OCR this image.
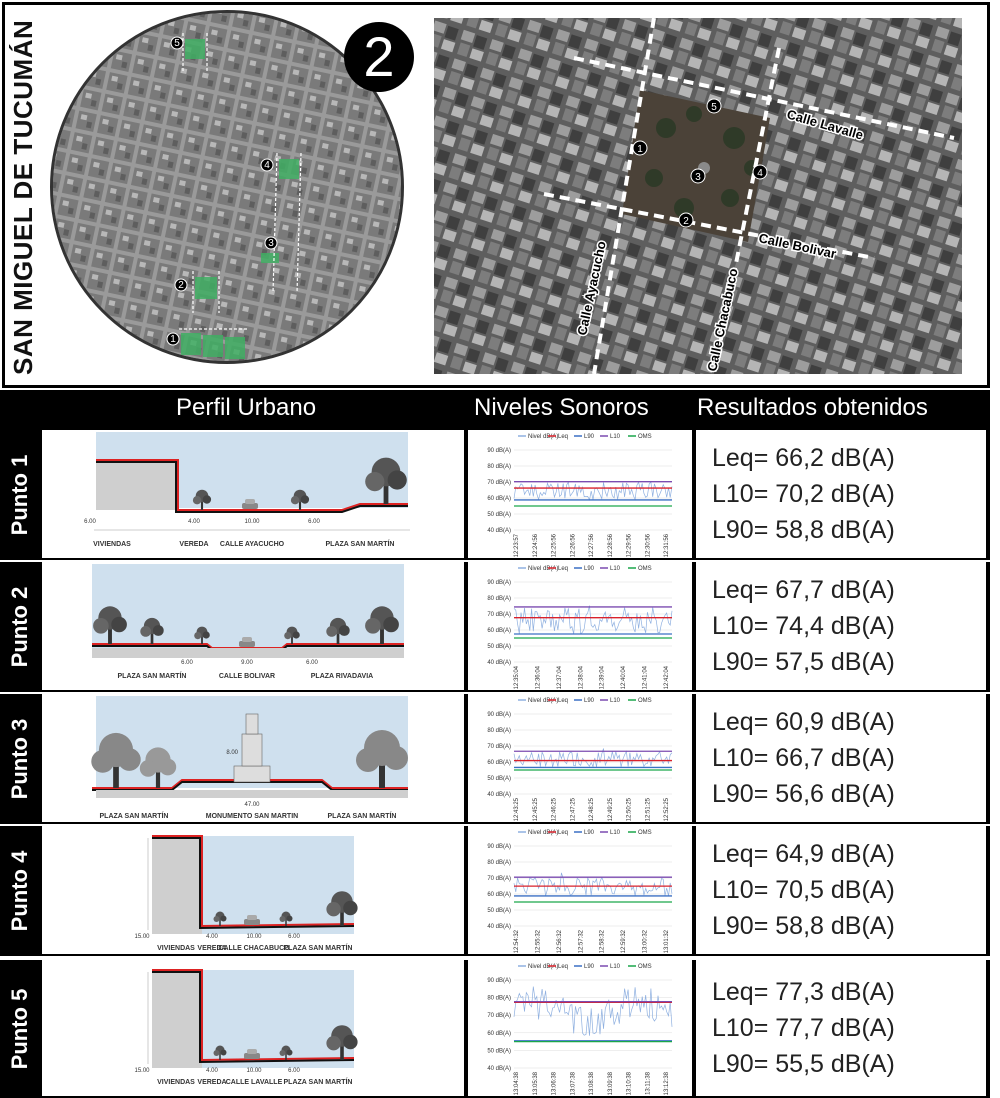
SAN MIGUEL DE TUCUMÁN	5
4
3
2
1
2
5
1
3	4
2
Calle Lavalle
Calle Bolivar
Calle Ayacucho	Calle Chacabuco
Perfil Urbano	Niveles Sonoros Resultados obtenidos
Punto 1
VIVIENDAS	VEREDA CALLE AYACUCHO	PLAZA SAN MARTÍN
6.00	4.00	10.00	6.00
Nivel dB(A) Leq	L90	L10	OMS
90 dB(A)
80 dB(A)
70 dB(A)
60 dB(A)
50 dB(A)
40 dB(A)
12:23:57 12:24:56 12:25:56 12:26:56 12:27:56 12:28:56 12:29:56 12:30:56 12:31:56
Leq= 66,2 dB(A)
L10= 70,2 dB(A)
L90= 58,8 dB(A)
Punto 2
PLAZA SAN MARTÍN	CALLE BOLIVAR	PLAZA RIVADAVIA
6.00	9.00	6.00
Nivel dB(A) Leq	L90	L10	OMS
90 dB(A)
80 dB(A)
70 dB(A)
60 dB(A)
50 dB(A)
40 dB(A)
12:35:04	12:36:04	12:37:04	12:38:04	12:39:04	12:40:04	12:41:04	12:42:04
Leq= 67,7 dB(A)
L10= 74,4 dB(A)
L90= 57,5 dB(A)
Punto 3	8.00
47.00
PLAZA SAN MARTÍN	MONUMENTO SAN MARTIN	PLAZA SAN MARTÍN
Nivel dB(A) Leq	L90	L10	OMS
90 dB(A)
80 dB(A)
70 dB(A)
60 dB(A)
50 dB(A)
40 dB(A)
12:43:25 12:45:25 12:46:25 12:47:25 12:48:25 12:49:25 12:50:25 12:51:25 12:52:25
Leq= 60,9 dB(A)
L10= 66,7 dB(A)
L90= 56,6 dB(A)
Punto 4
VIVIENDAS VEREDA
CALLE CHACABUCO
PLAZA SAN MARTÍN
15.00	4.00	10.00	6.00
Nivel dB(A) Leq	L90	L10	OMS
90 dB(A)
80 dB(A)
70 dB(A)
60 dB(A)
50 dB(A)
40 dB(A)
12:54:32	12:55:32	12:56:32	12:57:32	12:58:32	12:59:32	13:00:32	13:01:32
Leq= 64,9 dB(A)
L10= 70,5 dB(A)
L90= 58,8 dB(A)
Punto 5
VIVIENDAS VEREDA CALLE LAVALLE PLAZA SAN MARTÍN
15.00	4.00	10.00	6.00
Nivel dB(A) Leq	L90	L10	OMS
90 dB(A)
80 dB(A)
70 dB(A)
60 dB(A)
50 dB(A)
40 dB(A)
13:04:38 13:05:38 13:06:38 13:07:38 13:08:38 13:09:38 13:10:38 13:11:38 13:12:38
Leq= 77,3 dB(A)
L10= 77,7 dB(A)
L90= 55,5 dB(A)
